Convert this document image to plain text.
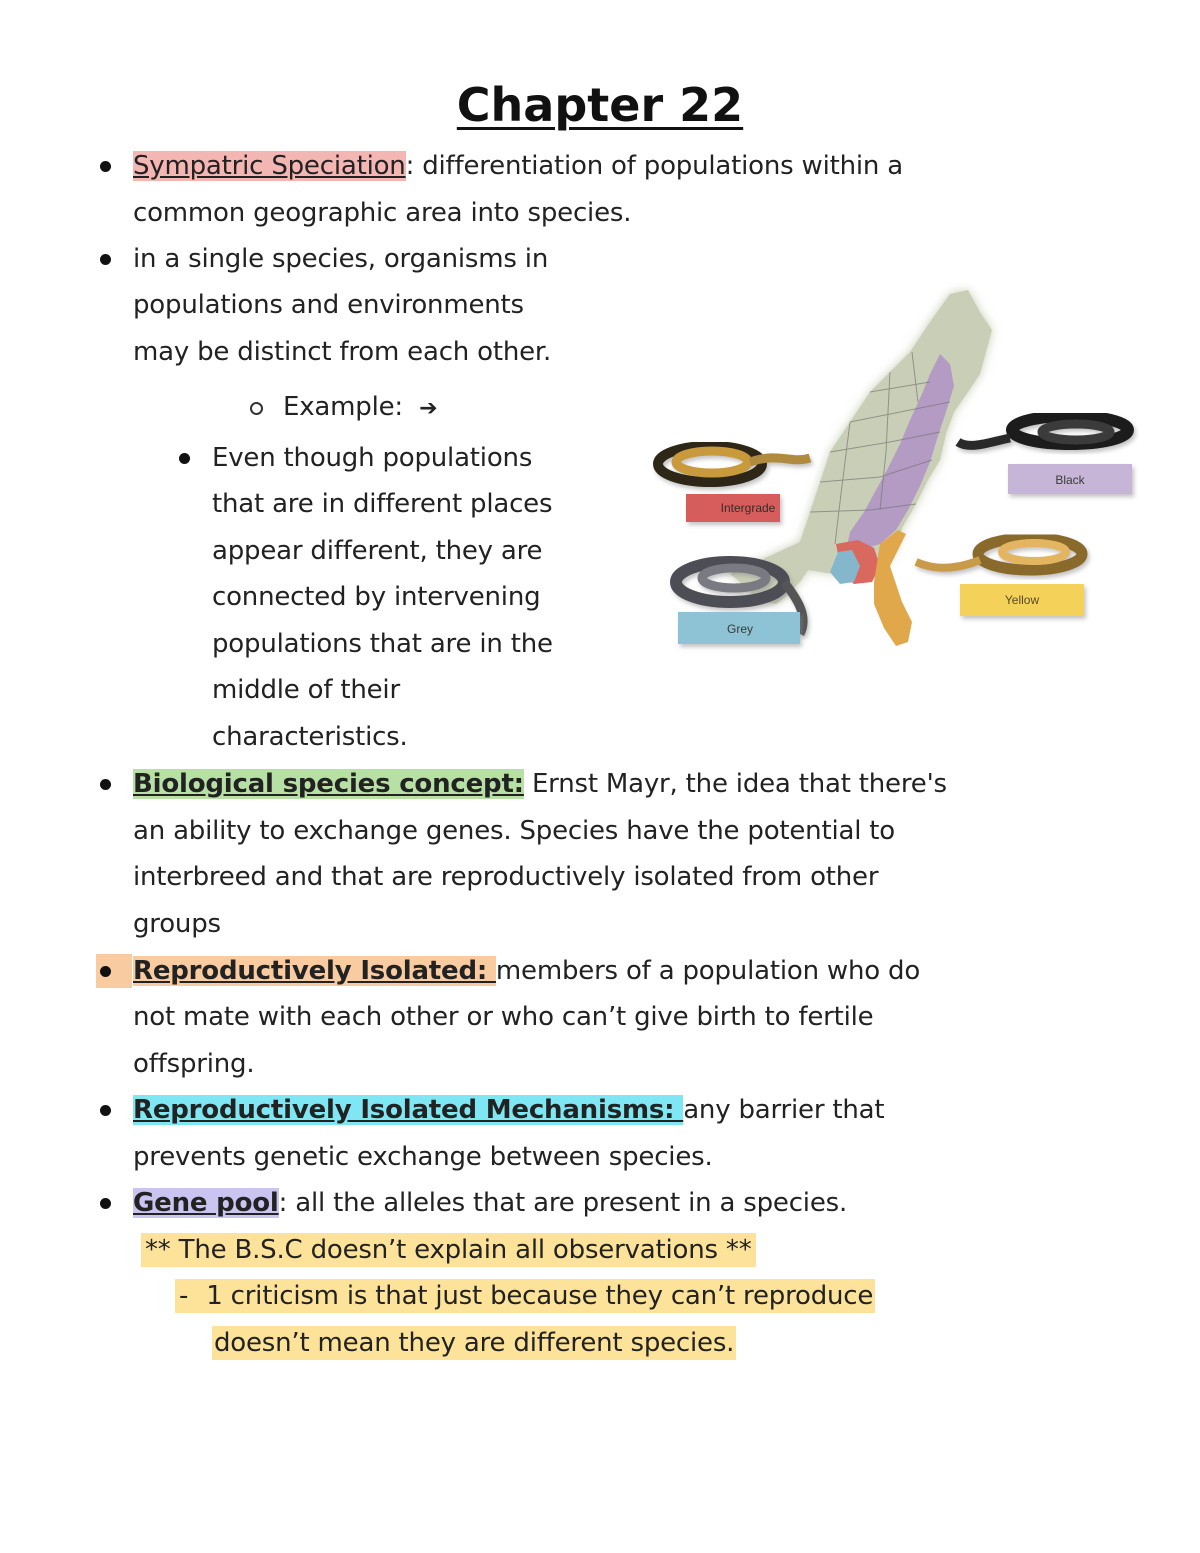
Chapter 22
Sympatric Speciation: differentiation of populations within a
common geographic area into species.
in a single species, organisms in
populations and environments
may be distinct from each other.
Example: ➔
Even though populations
that are in different places
appear different, they are
connected by intervening
populations that are in the
middle of their
characteristics.
Intergrade
Black
Grey
Yellow
Biological species concept: Ernst Mayr, the idea that there's
an ability to exchange genes. Species have the potential to
interbreed and that are reproductively isolated from other
groups
Reproductively Isolated: members of a population who do
not mate with each other or who can’t give birth to fertile
offspring.
Reproductively Isolated Mechanisms: any barrier that
prevents genetic exchange between species.
Gene pool: all the alleles that are present in a species.
** The B.S.C doesn’t explain all observations **
- 1 criticism is that just because they can’t reproduce
doesn’t mean they are different species.
